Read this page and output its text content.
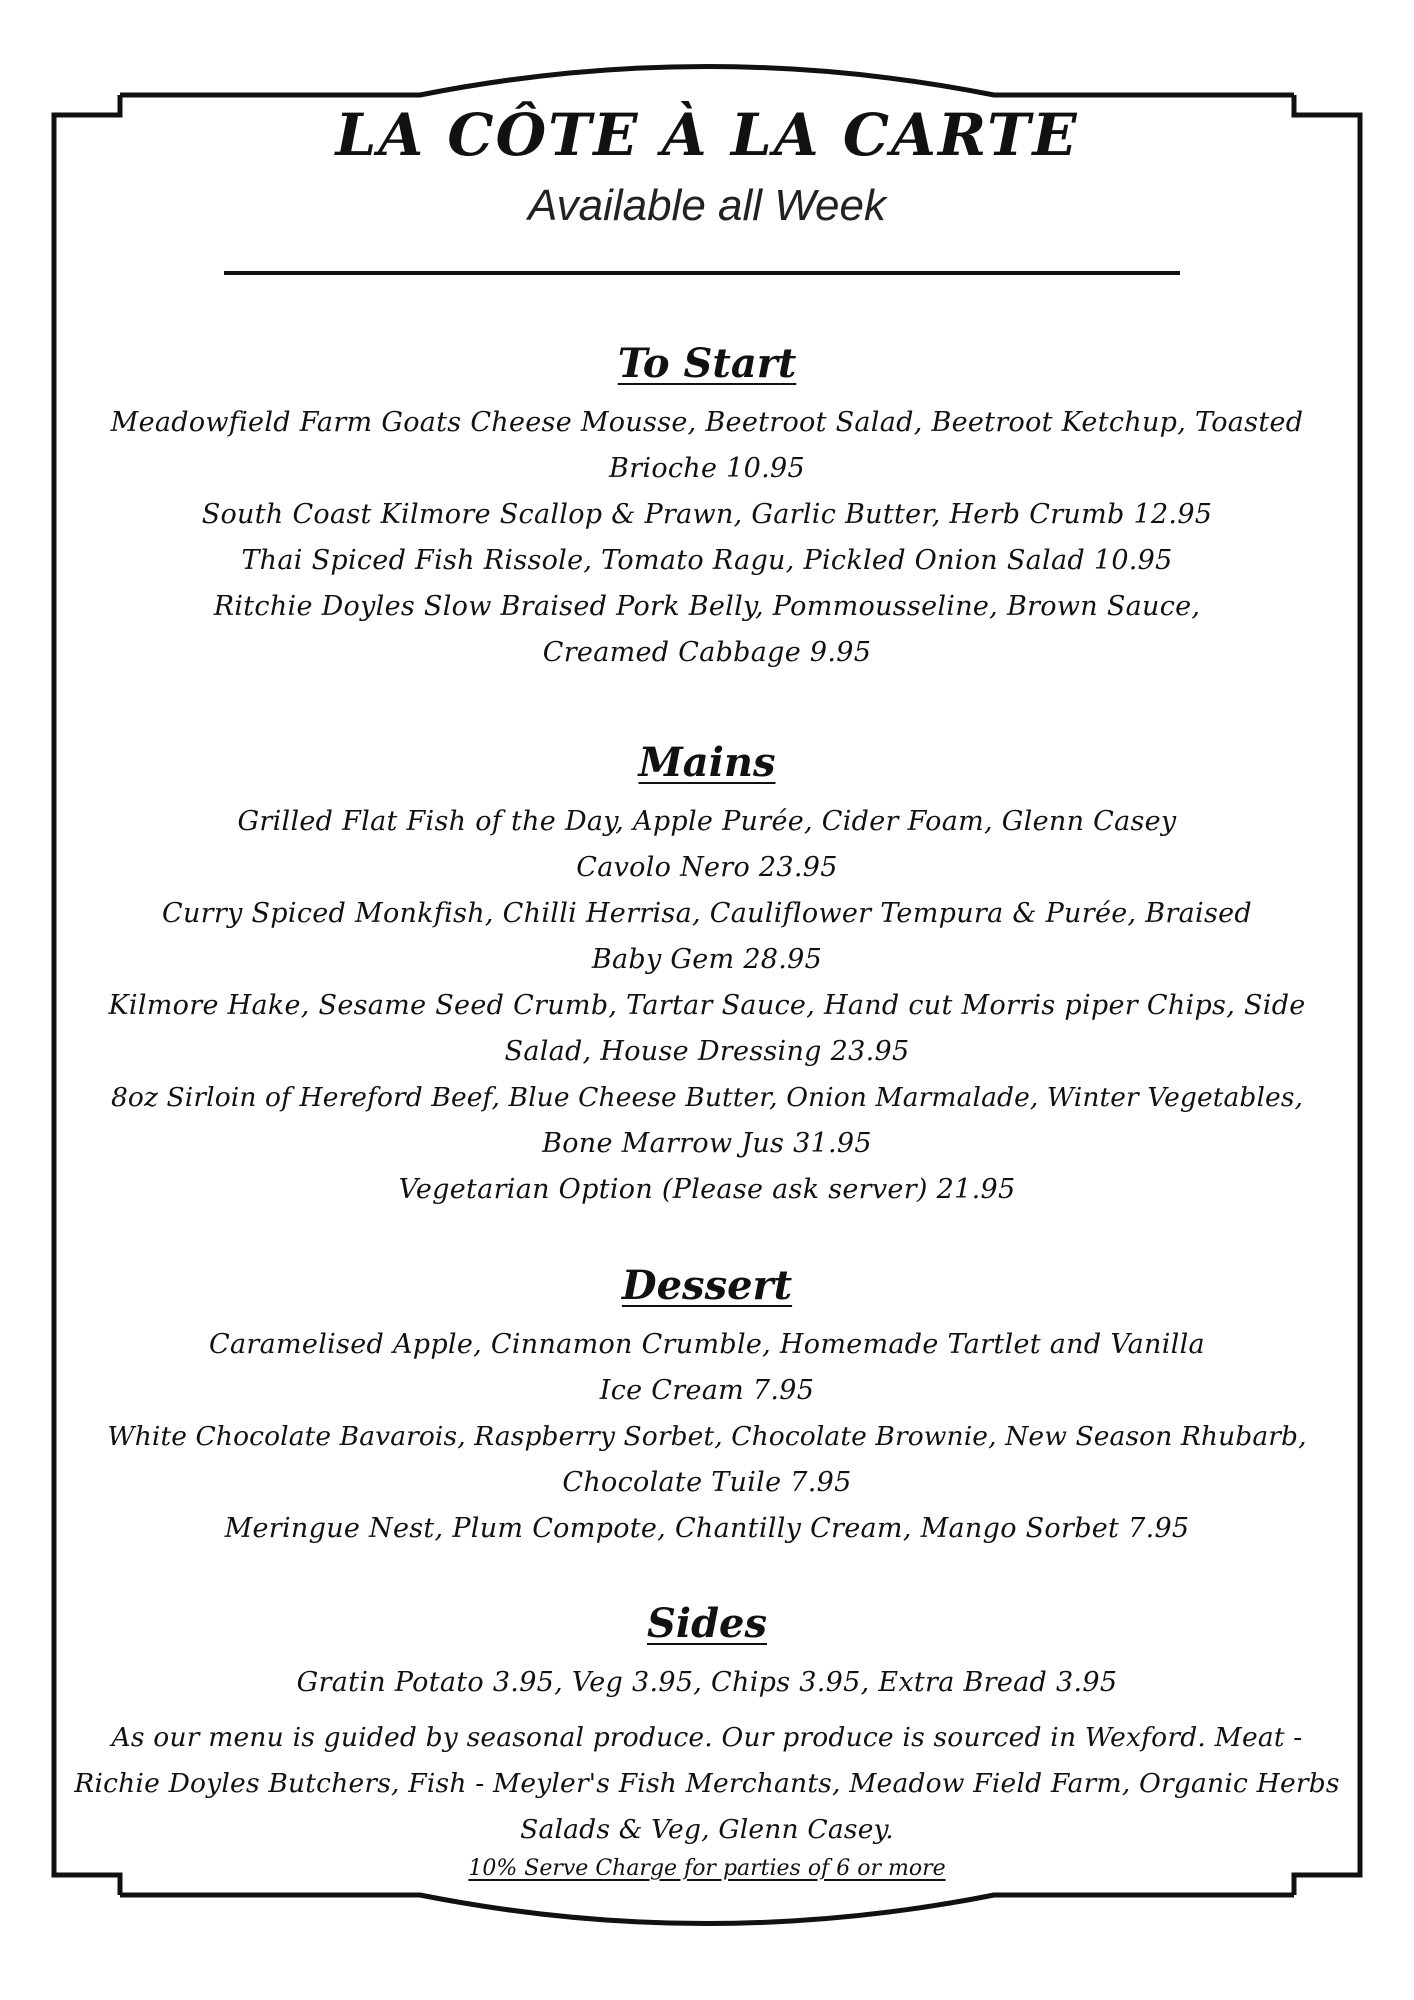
LA CÔTE À LA CARTE
Available all Week
To Start
Meadowfield Farm Goats Cheese Mousse, Beetroot Salad, Beetroot Ketchup, Toasted
Brioche 10.95
South Coast Kilmore Scallop & Prawn, Garlic Butter, Herb Crumb 12.95
Thai Spiced Fish Rissole, Tomato Ragu, Pickled Onion Salad 10.95
Ritchie Doyles Slow Braised Pork Belly, Pommousseline, Brown Sauce,
Creamed Cabbage 9.95
Mains
Grilled Flat Fish of the Day, Apple Purée, Cider Foam, Glenn Casey
Cavolo Nero 23.95
Curry Spiced Monkfish, Chilli Herrisa, Cauliflower Tempura & Purée, Braised
Baby Gem 28.95
Kilmore Hake, Sesame Seed Crumb, Tartar Sauce, Hand cut Morris piper Chips, Side
Salad, House Dressing 23.95
8oz Sirloin of Hereford Beef, Blue Cheese Butter, Onion Marmalade, Winter Vegetables,
Bone Marrow Jus 31.95
Vegetarian Option (Please ask server) 21.95
Dessert
Caramelised Apple, Cinnamon Crumble, Homemade Tartlet and Vanilla
Ice Cream 7.95
White Chocolate Bavarois, Raspberry Sorbet, Chocolate Brownie, New Season Rhubarb,
Chocolate Tuile 7.95
Meringue Nest, Plum Compote, Chantilly Cream, Mango Sorbet 7.95
Sides
Gratin Potato 3.95, Veg 3.95, Chips 3.95, Extra Bread 3.95
As our menu is guided by seasonal produce. Our produce is sourced in Wexford. Meat -
Richie Doyles Butchers, Fish - Meyler's Fish Merchants, Meadow Field Farm, Organic Herbs
Salads & Veg, Glenn Casey.
10% Serve Charge for parties of 6 or more
